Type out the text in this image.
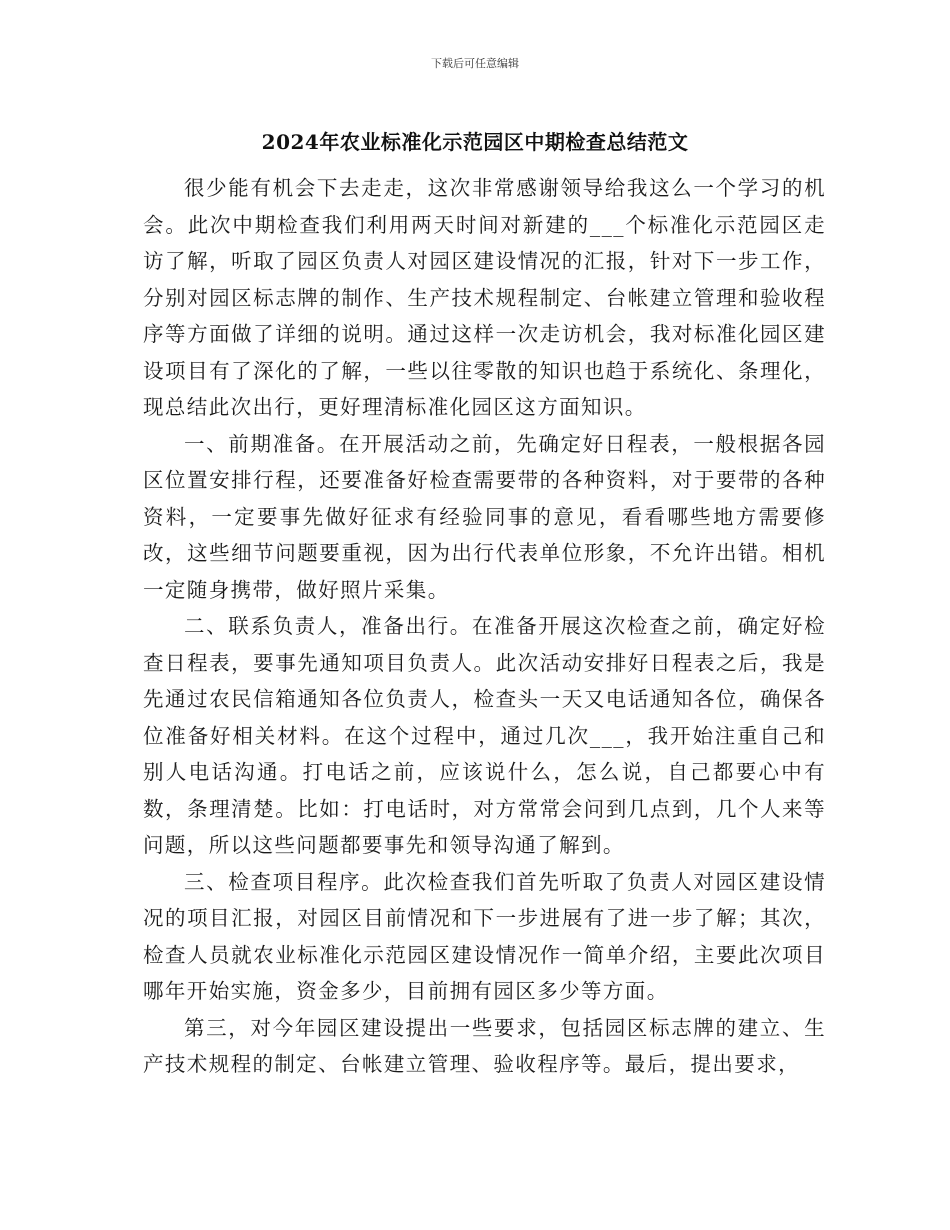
下载后可任意编辑
2024年农业标准化示范园区中期检查总结范文

很少能有机会下去走走，这次非常感谢领导给我这么一个学习的机会。此次中期检查我们利用两天时间对新建的___个标准化示范园区走访了解，听取了园区负责人对园区建设情况的汇报，针对下一步工作，分别对园区标志牌的制作、生产技术规程制定、台帐建立管理和验收程序等方面做了详细的说明。通过这样一次走访机会，我对标准化园区建设项目有了深化的了解，一些以往零散的知识也趋于系统化、条理化，现总结此次出行，更好理清标准化园区这方面知识。

一、前期准备。在开展活动之前，先确定好日程表，一般根据各园区位置安排行程，还要准备好检查需要带的各种资料，对于要带的各种资料，一定要事先做好征求有经验同事的意见，看看哪些地方需要修改，这些细节问题要重视，因为出行代表单位形象，不允许出错。相机一定随身携带，做好照片采集。

二、联系负责人，准备出行。在准备开展这次检查之前，确定好检查日程表，要事先通知项目负责人。此次活动安排好日程表之后，我是先通过农民信箱通知各位负责人，检查头一天又电话通知各位，确保各位准备好相关材料。在这个过程中，通过几次___，我开始注重自己和别人电话沟通。打电话之前，应该说什么，怎么说，自己都要心中有数，条理清楚。比如：打电话时，对方常常会问到几点到，几个人来等问题，所以这些问题都要事先和领导沟通了解到。

三、检查项目程序。此次检查我们首先听取了负责人对园区建设情况的项目汇报，对园区目前情况和下一步进展有了进一步了解；其次，检查人员就农业标准化示范园区建设情况作一简单介绍，主要此次项目哪年开始实施，资金多少，目前拥有园区多少等方面。

第三，对今年园区建设提出一些要求，包括园区标志牌的建立、生产技术规程的制定、台帐建立管理、验收程序等。最后，提出要求，
